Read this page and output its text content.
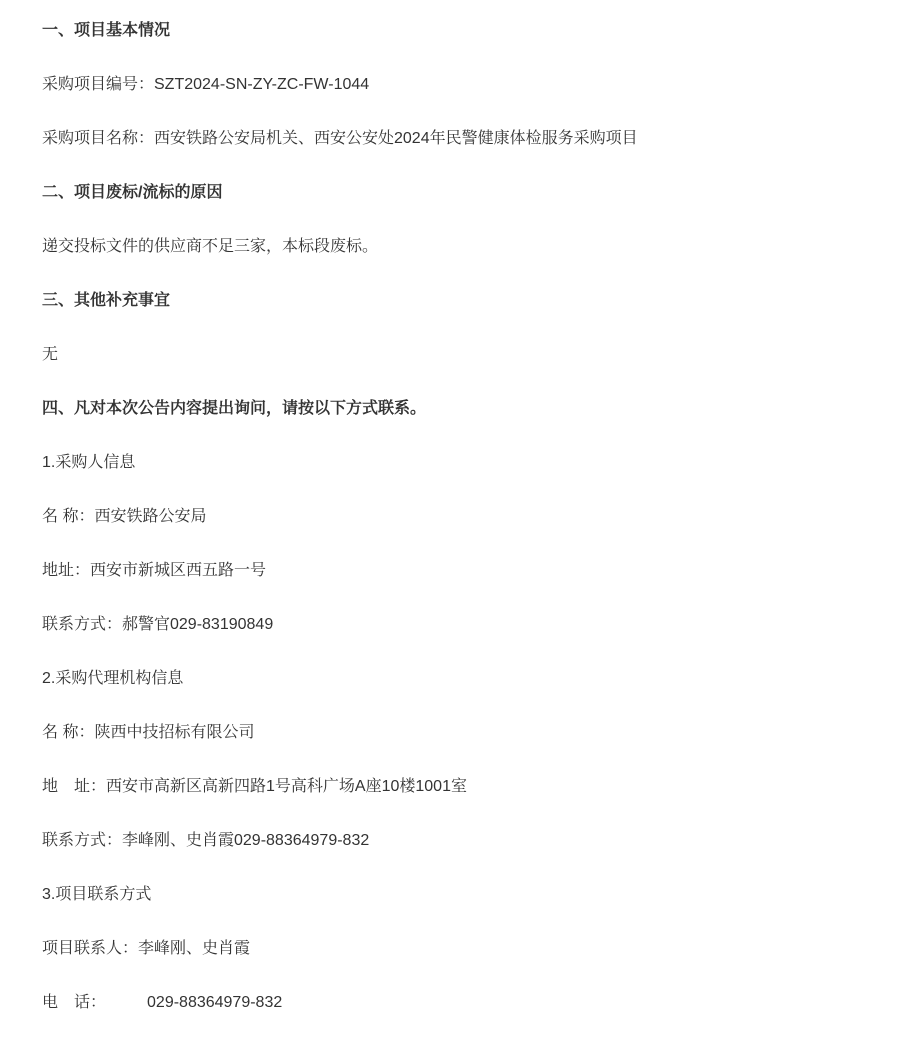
一、项目基本情况
采购项目编号：SZT2024-SN-ZY-ZC-FW-1044
采购项目名称：西安铁路公安局机关、西安公安处2024年民警健康体检服务采购项目
二、项目废标/流标的原因
递交投标文件的供应商不足三家，本标段废标。
三、其他补充事宜
无
四、凡对本次公告内容提出询问，请按以下方式联系。
1.采购人信息
名 称：西安铁路公安局
地址：西安市新城区西五路一号
联系方式：郝警官029-83190849
2.采购代理机构信息
名 称：陕西中技招标有限公司
地　址：西安市高新区高新四路1号高科广场A座10楼1001室
联系方式：李峰刚、史肖霞029-88364979-832
3.项目联系方式
项目联系人：李峰刚、史肖霞
电　话：	029-88364979-832
